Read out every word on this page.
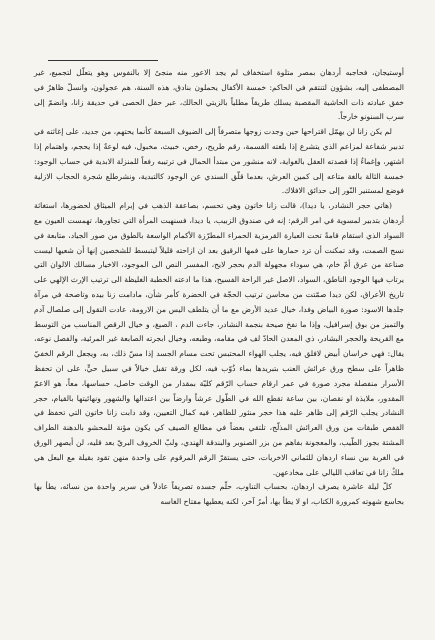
أوستيجان، فحاجبه أردهان بمصر متلوة استخفاف لم يجد الاعور منه منجىً إلا بالنفوس وهو يتعلّل لتجميع، غير المصطفى إليه، بشؤون لتنتقم في الحاكم: خمسة الأكفال يحملون بنادق، هذه السنة، هم عجولون، وانسلّ ظاهرٌ في خفق عبادته ذات الحاشية المقصبة يسلك طريقاً مطلياً بالزيتي الحالك، عبر حقل الحصى في حديقة زانا، وانضمّ إلى سرب السنونو خارجاً.

لم يكن زانا لن يهمّل اقتراحها حين وجدت زوجها متصرفاً إلى الضيوف السبعة كأنما يحتهم، من جديد، على إغاثته في تدبير شفاعة لمزاعم الذي يتشرع إذا بلغته القسمة، رقم طريح، رخص، خبيث، مخبول، فيه لوعةٌ إذا يحجم، واهتمام إذا اشتهر، وإغماءٌ إذا قصدته العقل بالغواية، لانه منشور من مبتدأ الحمال في ترتيبه رفعاً للمنزلة الابدية في حساب الوجود: خمسة الثالة بالغة متاعه إلى كمين العرش، بعدما قلّق السندي عن الوجود كالتبدية، ونشرطلع شجرة الحجاب الازلية فوضع لمستنير النّور إلى حدائق الافلاك.

(هاتي حجر النشادر، يا ديدا)، قالت زانا خاتون وهي تحسم، بصاعقة الذهب في إبرام الميثاق لحضورها، استغاثة أردهان بتدبير لمسوية في امر الرقم: إنه في صندوق الزبيب، يا ديدا، فسنهبت المرأة التي تجاورها، تهمست العيون مع السواد الذي استقام قامةً تحت العبارة القرمزية الحمراء المطرّزة الأكمام الواسعة بالطوق من صور الجياد، متابعة في نسج الصمت، وقد تمكنت أن ترد حمارها على فمها الرقيق بعد ان ازاحته قليلاً ليتبسط للشخصين إنها أن شعيها ليست صناعة من عرق أمّ خام، هي سوداء مجهولة الدم بحجر لايح، المفسر النص الى الموجود، الاخيار مسالك الالوان التي يرتاب فيها الوجود الناطق، السواد، الاصل غير الراحة الفسيح، هذا ما ادعته الخطبة الغليظة الى ترتيب الإرث الإلهي على تاريخ الأعراق، لكن ديدا صمّتت من محاسن ترتيب الحجّة في الحضرة كأمر شأن، مادامت زنا بيده وتاصحة في مرآة جلدها الاسود: صورة البياض وفدا، خيال عديد الأرض مع ما أن يتلطف اليس من الارومة، عادت النقول إلى صلصال آدم والتميز من بوق إسرافيل، وإذا ما نفخ صيحة بنجمة النشادر، جاءت الدم ، الصبغ، و خيال الرقص المناسب من التوسط مع القريحة والحجر البشادر، ذي المعدن الحادّ لف في مقامه، وطبعه، وخيال ابجرته الصابعة غير المرئية، والفصل نوعه، يقال: فهي خراسان أبيض لافلق فيه، يجلب الهواء المحتبس تحت مسام الجسد إذا مسّ ذلك، به، ويجعل الرقم الخفيّ ظاهراً على سطح ورق عرائش العنب بتبريدها بماء ذُوّب فيه، لكل ورقة تقبل خيالاً في سبيل حيٍّ، على ان تحفظ الأسرار منفصلة مجرد صورة في عمر ارقام حساب الرّقم كليّة بمقدار من الوقت حاصل، حساسها، معاً، هو الاعمّ المقدور، ملايذة او نقصان، بين ساعة تقطع الله في الطّول عرشاً وارضاً بين اعتدالها والشهور ونهائيتها بالقيام، حجر النشادر يجلب الرّقم إلى ظاهر عليه هذا حجر منثور للظاهر، فيه كمال التعيين، وقد دابت زانا خاتون التي تحفظ في القفص طبقات من ورق العرائش المذلّج، تلتقي بعضاً في مطالع الصيف كي يكون مؤنة للمحشو بالدهنة الطراف المشتة بجوز الطّيب، والمعجونة بفاهم من بزر الصنوبر والبندقة الهندي، ولبّ الخروف البريّ بعد قليه، لن أيصهر الورق في الغربة بين نساء اردهان للثماني الاخريات، حتى يستقرّ الرقم المرقوم على واحدة منهن تقود بقيلة مع البعل هي ملكٌ زانا في تعاقب الليالي على مخادعهن.

كلّ ليلة عاشرة يصرف اردهان، بحساب التناوب، حلّم جسده تصريفاً عادلاً في سرير واحدة من نسائه، يطأ بها بحاسع شهوته كمرورة الكتاب، او لا يطأ بها، أمرٌ آخر، لكنه يعطيها مفتاح الغاسه
